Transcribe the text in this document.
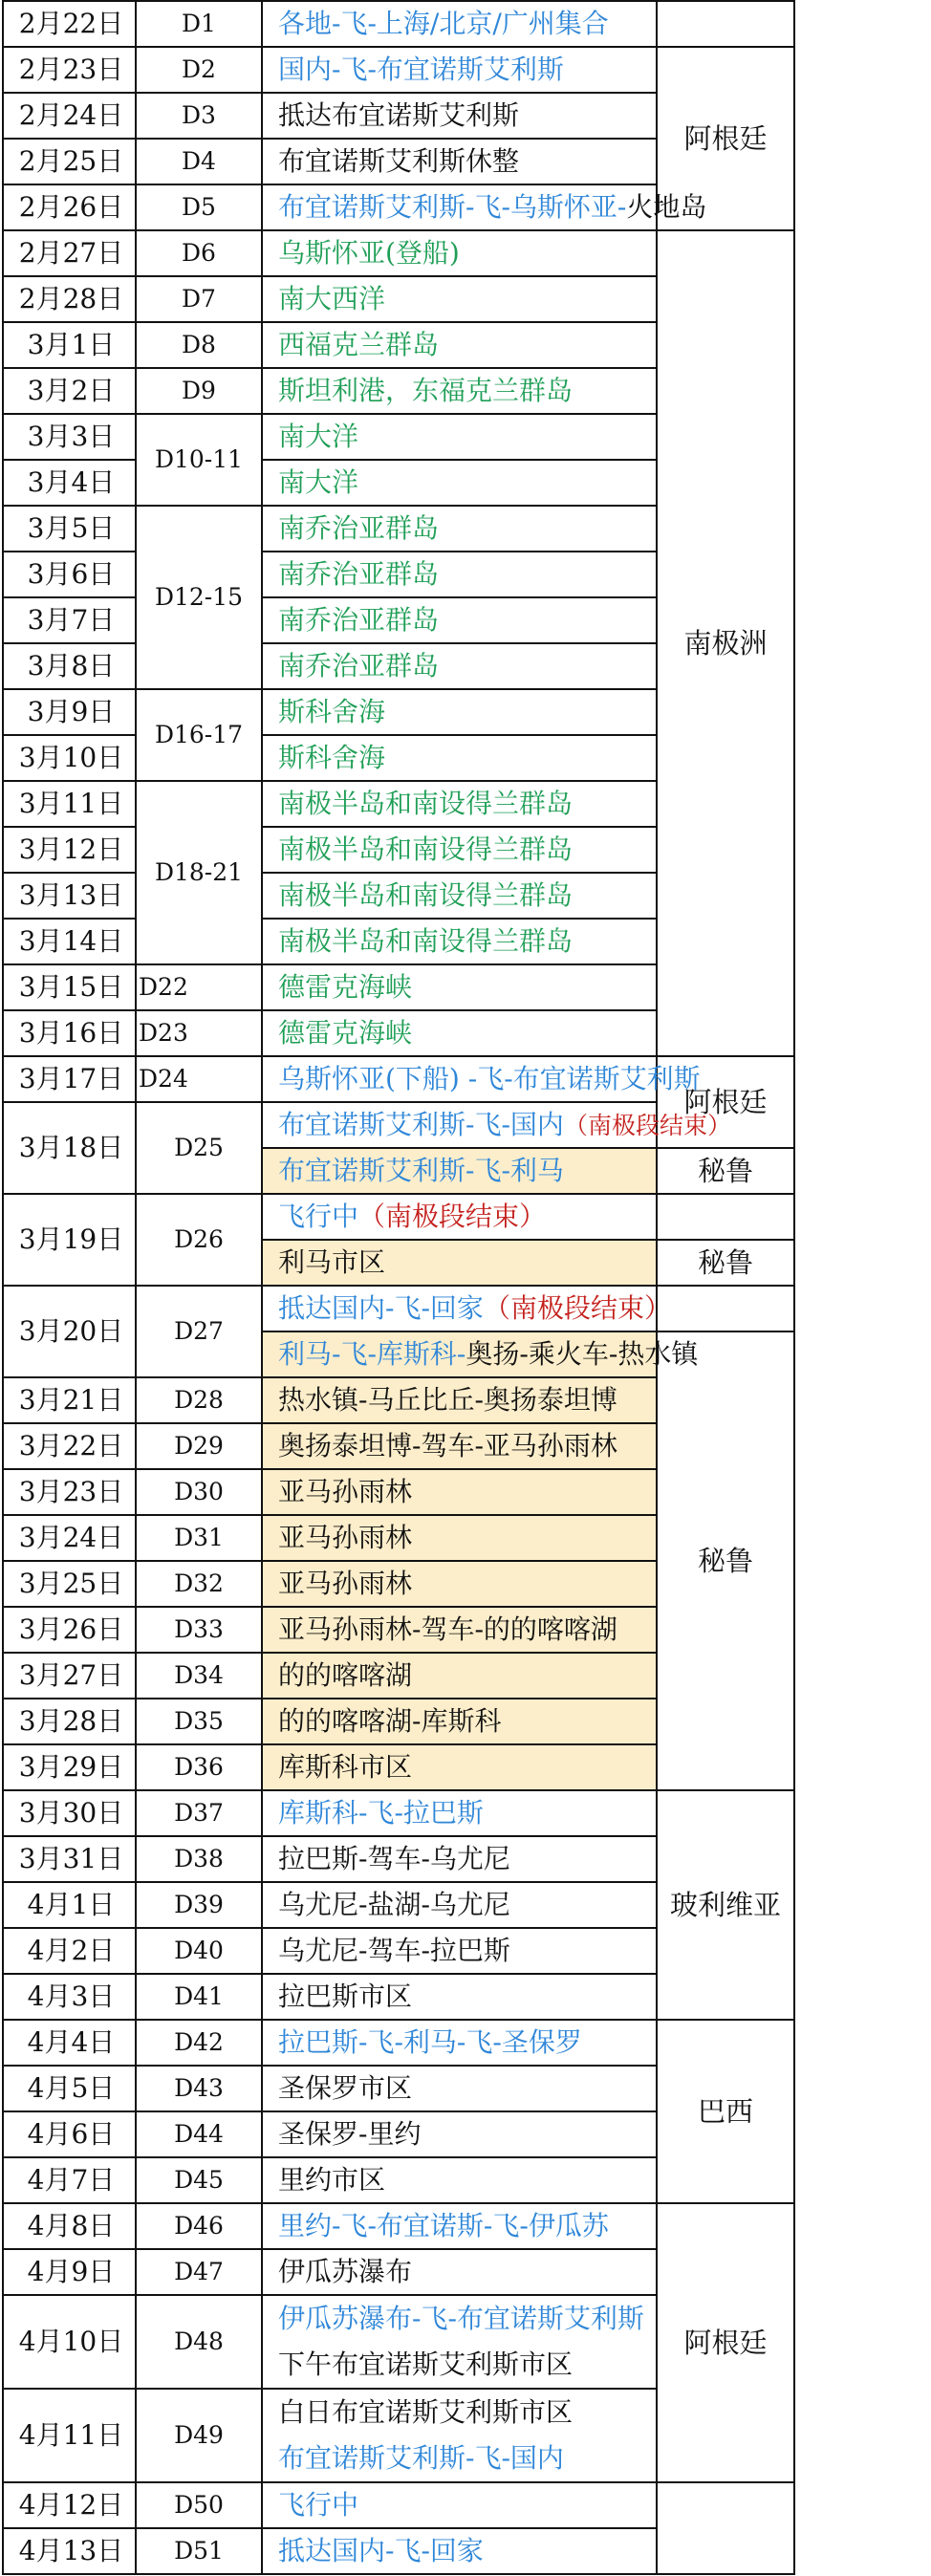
2月22日	D1	各地-飞-上海/北京/广州集合	
2月23日	D2	国内-飞-布宜诺斯艾利斯	阿根廷
2月24日	D3	抵达布宜诺斯艾利斯	
2月25日	D4	布宜诺斯艾利斯休整	
2月26日	D5	布宜诺斯艾利斯-飞-乌斯怀亚-火地岛	
2月27日	D6	乌斯怀亚(登船)	南极洲
2月28日	D7	南大西洋	
3月1日	D8	西福克兰群岛	
3月2日	D9	斯坦利港，东福克兰群岛	
3月3日	D10-11	南大洋	
3月4日		南大洋	
3月5日	D12-15	南乔治亚群岛	
3月6日		南乔治亚群岛	
3月7日		南乔治亚群岛	
3月8日		南乔治亚群岛	
3月9日	D16-17	斯科舍海	
3月10日		斯科舍海	
3月11日	D18-21	南极半岛和南设得兰群岛	
3月12日		南极半岛和南设得兰群岛	
3月13日		南极半岛和南设得兰群岛	
3月14日		南极半岛和南设得兰群岛	
3月15日	D22	德雷克海峡	
3月16日	D23	德雷克海峡	
3月17日	D24	乌斯怀亚(下船) -飞-布宜诺斯艾利斯	阿根廷
3月18日	D25	布宜诺斯艾利斯-飞-国内（南极段结束）	
		布宜诺斯艾利斯-飞-利马	秘鲁
3月19日	D26	飞行中（南极段结束）	
		利马市区	秘鲁
3月20日	D27	抵达国内-飞-回家（南极段结束）	
		利马-飞-库斯科-奥扬-乘火车-热水镇	秘鲁
3月21日	D28	热水镇-马丘比丘-奥扬泰坦博	
3月22日	D29	奥扬泰坦博-驾车-亚马孙雨林	
3月23日	D30	亚马孙雨林	
3月24日	D31	亚马孙雨林	
3月25日	D32	亚马孙雨林	
3月26日	D33	亚马孙雨林-驾车-的的喀喀湖	
3月27日	D34	的的喀喀湖	
3月28日	D35	的的喀喀湖-库斯科	
3月29日	D36	库斯科市区	
3月30日	D37	库斯科-飞-拉巴斯	玻利维亚
3月31日	D38	拉巴斯-驾车-乌尤尼	
4月1日	D39	乌尤尼-盐湖-乌尤尼	
4月2日	D40	乌尤尼-驾车-拉巴斯	
4月3日	D41	拉巴斯市区	
4月4日	D42	拉巴斯-飞-利马-飞-圣保罗	巴西
4月5日	D43	圣保罗市区	
4月6日	D44	圣保罗-里约	
4月7日	D45	里约市区	
4月8日	D46	里约-飞-布宜诺斯-飞-伊瓜苏	阿根廷
4月9日	D47	伊瓜苏瀑布	
4月10日	D48	伊瓜苏瀑布-飞-布宜诺斯艾利斯
下午布宜诺斯艾利斯市区	

4月11日	D49	白日布宜诺斯艾利斯市区
布宜诺斯艾利斯-飞-国内	

4月12日	D50	飞行中	
4月13日	D51	抵达国内-飞-回家	
